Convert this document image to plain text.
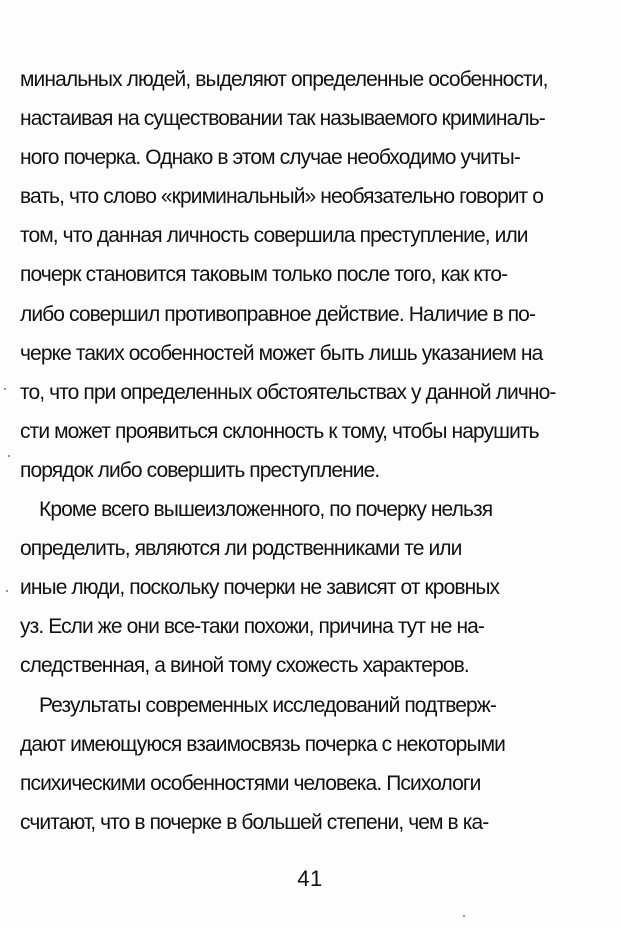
минальных людей, выделяют определенные особенности,
настаивая на существовании так называемого криминаль-
ного почерка. Однако в этом случае необходимо учиты-
вать, что слово «криминальный» необязательно говорит о
том, что данная личность совершила преступление, или
почерк становится таковым только после того, как кто-
либо совершил противоправное действие. Наличие в по-
черке таких особенностей может быть лишь указанием на
то, что при определенных обстоятельствах у данной лично-
сти может проявиться склонность к тому, чтобы нарушить
порядок либо совершить преступление.
Кроме всего вышеизложенного, по почерку нельзя
определить, являются ли родственниками те или
иные люди, поскольку почерки не зависят от кровных
уз. Если же они все-таки похожи, причина тут не на-
следственная, а виной тому схожесть характеров.
Результаты современных исследований подтверж-
дают имеющуюся взаимосвязь почерка с некоторыми
психическими особенностями человека. Психологи
считают, что в почерке в большей степени, чем в ка-
41
